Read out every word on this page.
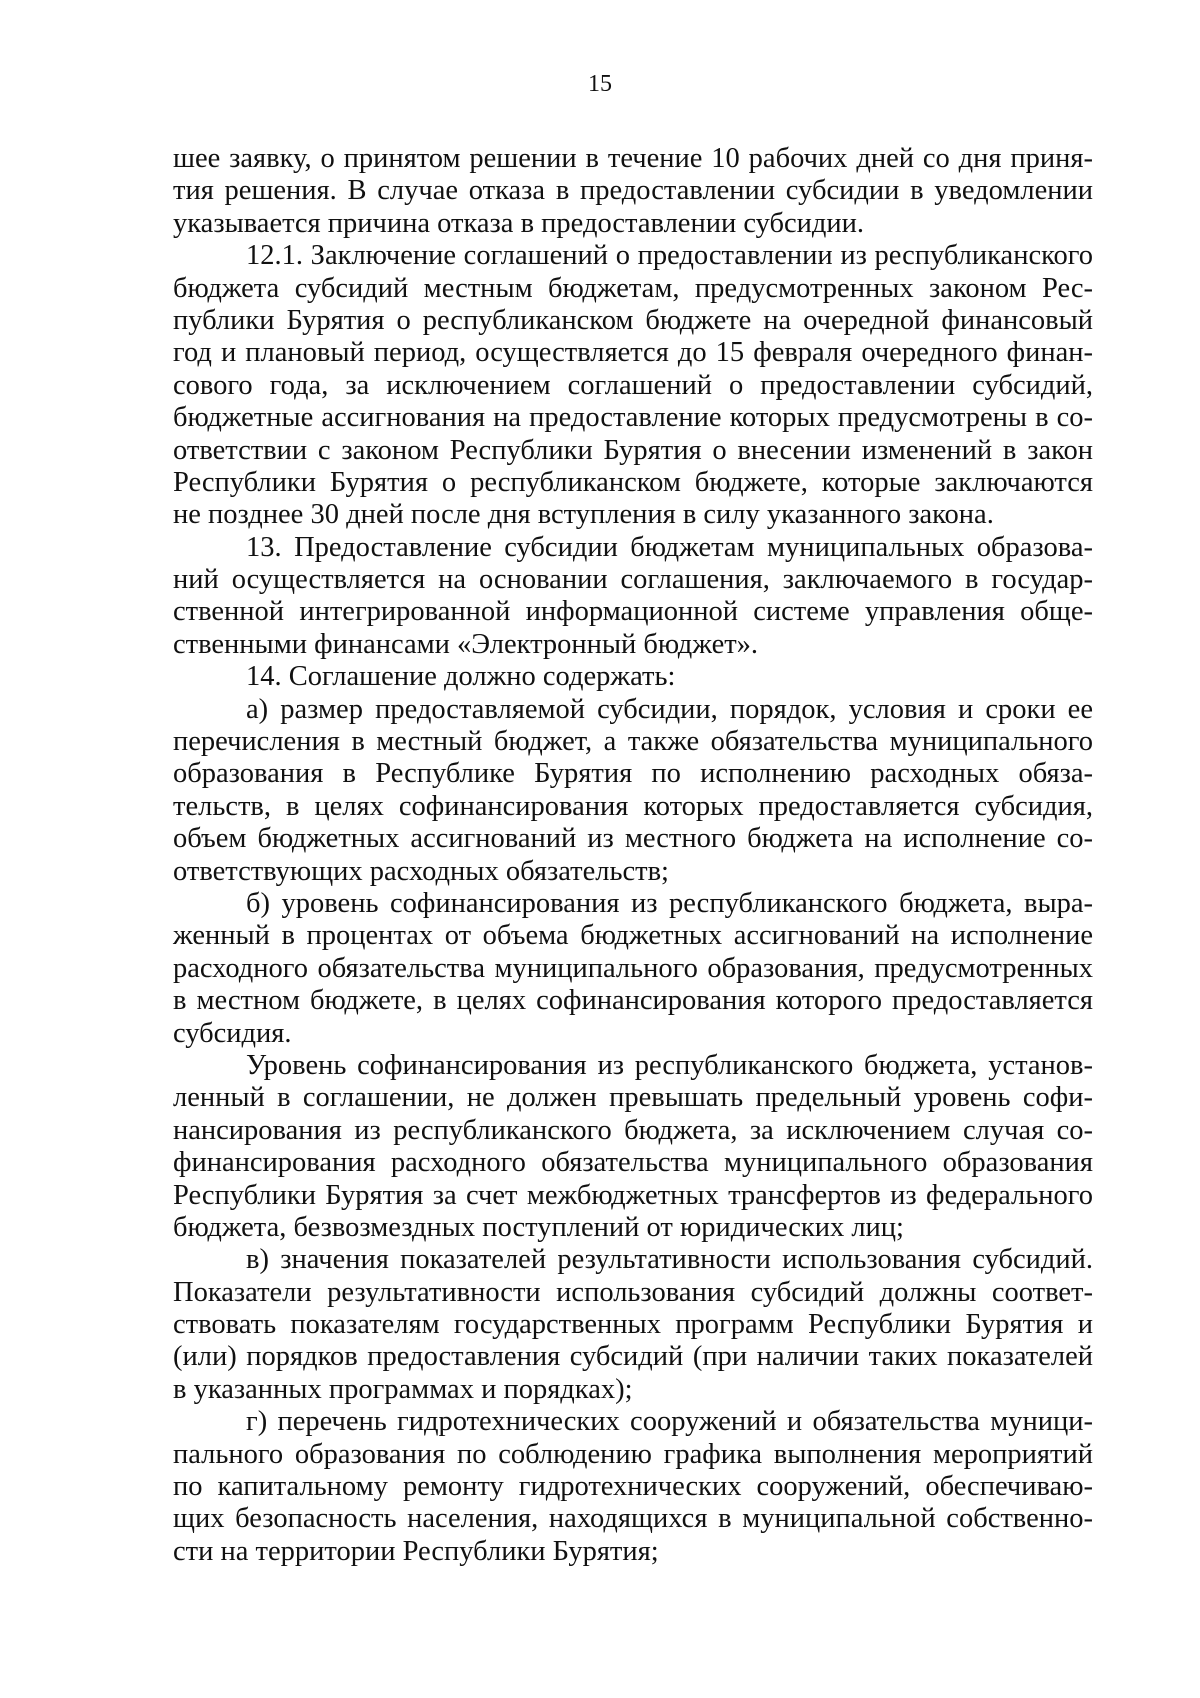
15
шее заявку, о принятом решении в течение 10 рабочих дней со дня приня-
тия решения. В случае отказа в предоставлении субсидии в уведомлении
указывается причина отказа в предоставлении субсидии.
12.1. Заключение соглашений о предоставлении из республиканского
бюджета субсидий местным бюджетам, предусмотренных законом Рес-
публики Бурятия о республиканском бюджете на очередной финансовый
год и плановый период, осуществляется до 15 февраля очередного финан-
сового года, за исключением соглашений о предоставлении субсидий,
бюджетные ассигнования на предоставление которых предусмотрены в со-
ответствии с законом Республики Бурятия о внесении изменений в закон
Республики Бурятия о республиканском бюджете, которые заключаются
не позднее 30 дней после дня вступления в силу указанного закона.
13. Предоставление субсидии бюджетам муниципальных образова-
ний осуществляется на основании соглашения, заключаемого в государ-
ственной интегрированной информационной системе управления обще-
ственными финансами «Электронный бюджет».
14. Соглашение должно содержать:
а) размер предоставляемой субсидии, порядок, условия и сроки ее
перечисления в местный бюджет, а также обязательства муниципального
образования в Республике Бурятия по исполнению расходных обяза-
тельств, в целях софинансирования которых предоставляется субсидия,
объем бюджетных ассигнований из местного бюджета на исполнение со-
ответствующих расходных обязательств;
б) уровень софинансирования из республиканского бюджета, выра-
женный в процентах от объема бюджетных ассигнований на исполнение
расходного обязательства муниципального образования, предусмотренных
в местном бюджете, в целях софинансирования которого предоставляется
субсидия.
Уровень софинансирования из республиканского бюджета, установ-
ленный в соглашении, не должен превышать предельный уровень софи-
нансирования из республиканского бюджета, за исключением случая со-
финансирования расходного обязательства муниципального образования
Республики Бурятия за счет межбюджетных трансфертов из федерального
бюджета, безвозмездных поступлений от юридических лиц;
в) значения показателей результативности использования субсидий.
Показатели результативности использования субсидий должны соответ-
ствовать показателям государственных программ Республики Бурятия и
(или) порядков предоставления субсидий (при наличии таких показателей
в указанных программах и порядках);
г) перечень гидротехнических сооружений и обязательства муници-
пального образования по соблюдению графика выполнения мероприятий
по капитальному ремонту гидротехнических сооружений, обеспечиваю-
щих безопасность населения, находящихся в муниципальной собственно-
сти на территории Республики Бурятия;
